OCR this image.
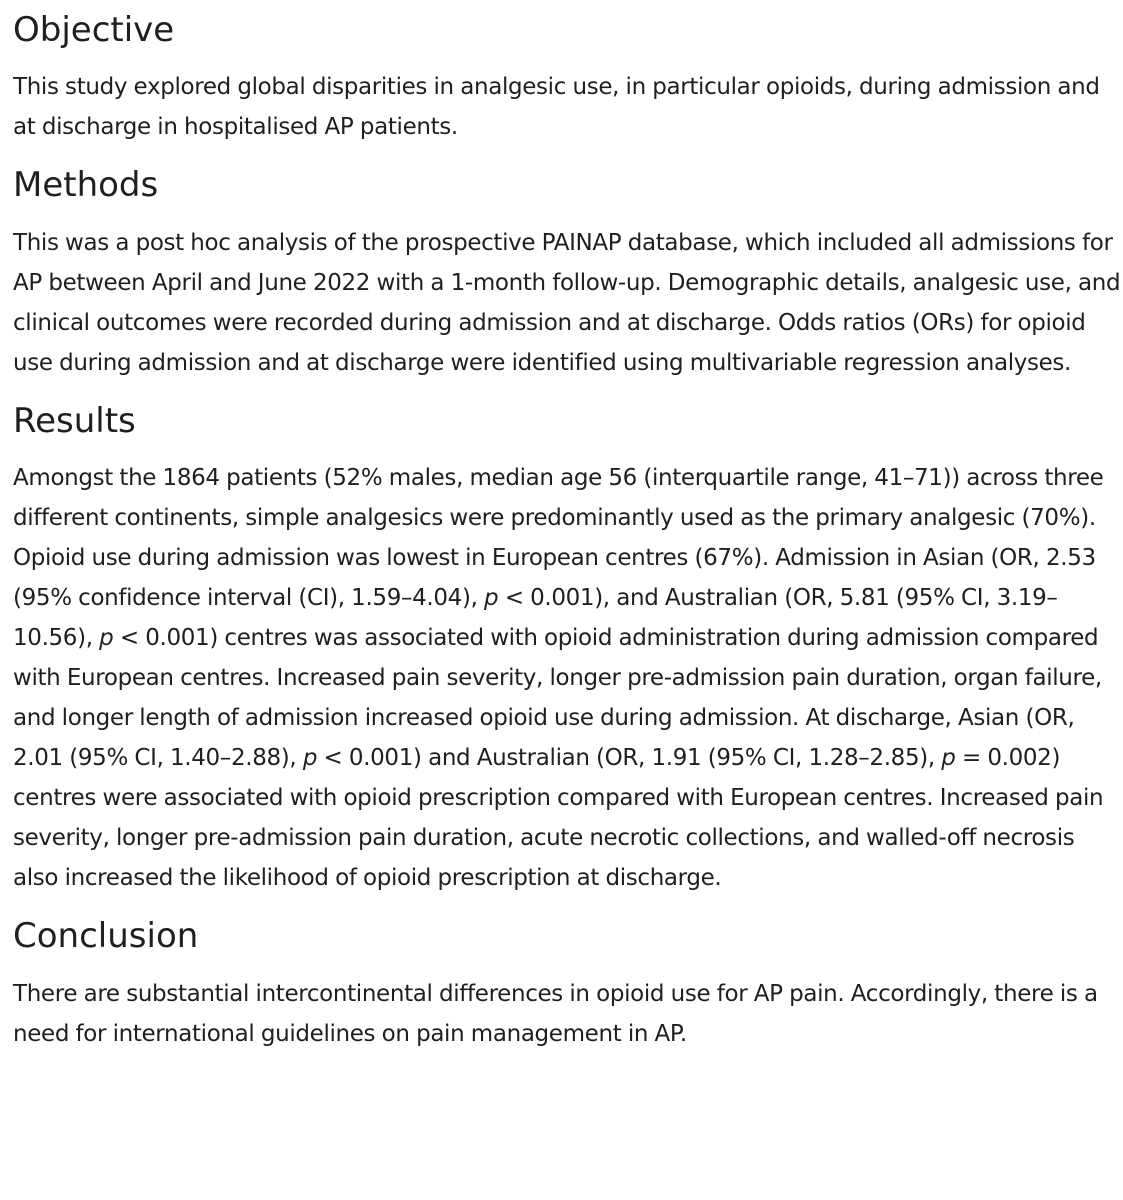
Objective

This study explored global disparities in analgesic use, in particular opioids, during admission and at discharge in hospitalised AP patients.

Methods

This was a post hoc analysis of the prospective PAINAP database, which included all admissions for AP between April and June 2022 with a 1-month follow-up. Demographic details, analgesic use, and clinical outcomes were recorded during admission and at discharge. Odds ratios (ORs) for opioid use during admission and at discharge were identified using multivariable regression analyses.

Results

Amongst the 1864 patients (52% males, median age 56 (interquartile range, 41–71)) across three different continents, simple analgesics were predominantly used as the primary analgesic (70%). Opioid use during admission was lowest in European centres (67%). Admission in Asian (OR, 2.53 (95% confidence interval (CI), 1.59–4.04), p < 0.001), and Australian (OR, 5.81 (95% CI, 3.19–10.56), p < 0.001) centres was associated with opioid administration during admission compared with European centres. Increased pain severity, longer pre-admission pain duration, organ failure, and longer length of admission increased opioid use during admission. At discharge, Asian (OR, 2.01 (95% CI, 1.40–2.88), p < 0.001) and Australian (OR, 1.91 (95% CI, 1.28–2.85), p = 0.002) centres were associated with opioid prescription compared with European centres. Increased pain severity, longer pre-admission pain duration, acute necrotic collections, and walled-off necrosis also increased the likelihood of opioid prescription at discharge.

Conclusion

There are substantial intercontinental differences in opioid use for AP pain. Accordingly, there is a need for international guidelines on pain management in AP.
